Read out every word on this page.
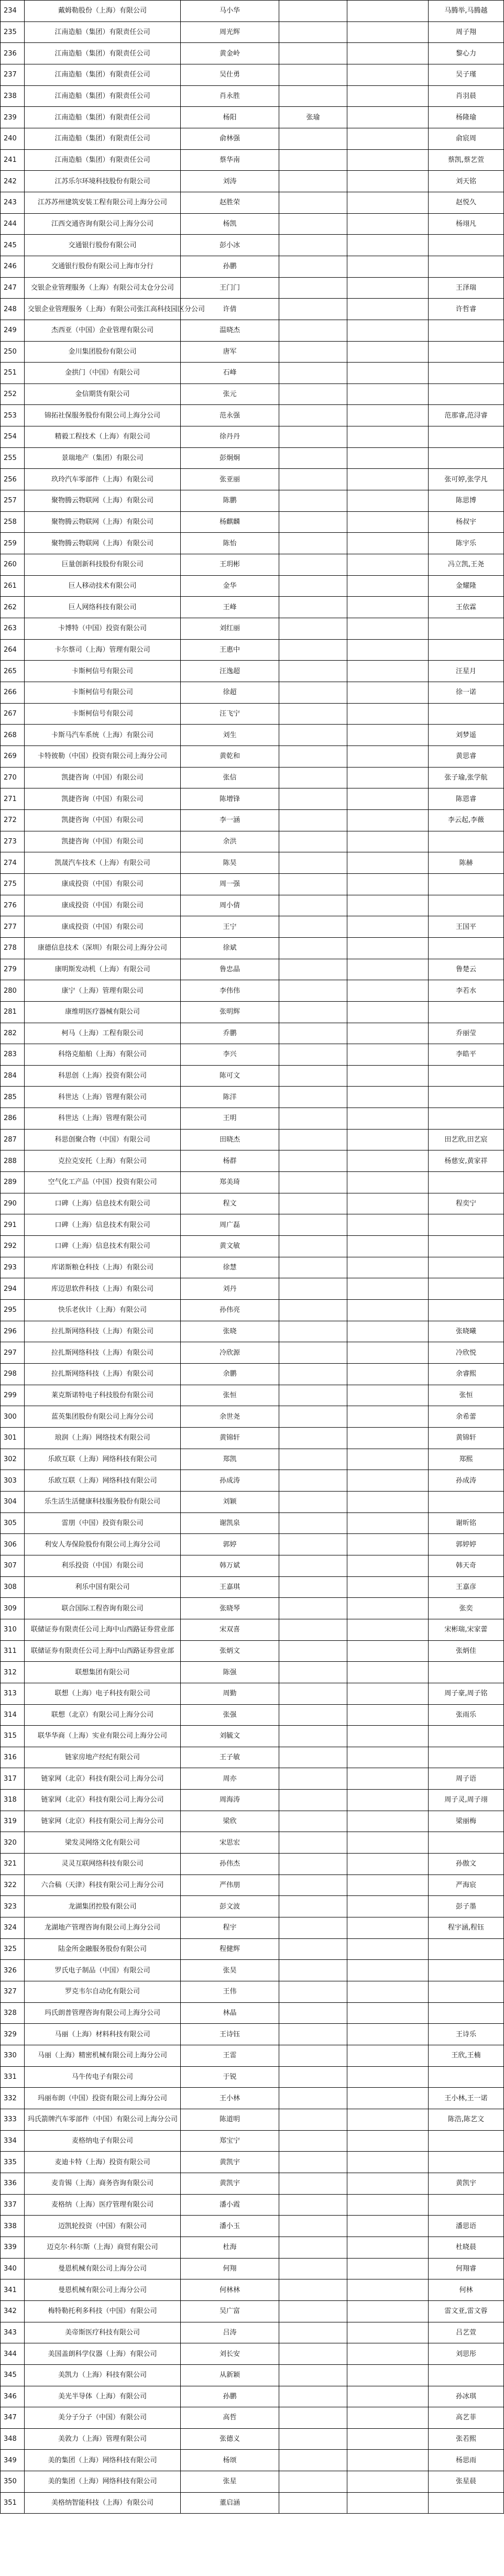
234	戴姆勒股份（上海）有限公司	马小华			马腾举,马腾越
235	江南造船（集团）有限责任公司	周光辉			周子翔
236	江南造船（集团）有限责任公司	黄金岭			黎心力
237	江南造船（集团）有限责任公司	吴仕勇			吴子瑾
238	江南造船（集团）有限责任公司	肖永胜			肖羽晨
239	江南造船（集团）有限责任公司	杨阳	张瑜		杨隆瑜
240	江南造船（集团）有限责任公司	俞林强			俞宸周
241	江南造船（集团）有限责任公司	蔡华南			蔡凯,蔡艺萱
242	江苏乐尔环境科技股份有限公司	刘涛			刘天铭
243	江苏苏州建筑安装工程有限公司上海分公司	赵胜荣			赵悦久
244	江西交通咨询有限公司上海分公司	杨凯			杨翊凡
245	交通银行股份有限公司	彭小冰			
246	交通银行股份有限公司上海市分行	孙鹏			
247	交银企业管理服务（上海）有限公司太仓分公司	王门门			王泽瑞
248	交银企业管理服务（上海）有限公司张江高科技园区分公司	许倩			许哲睿
249	杰西亚（中国）企业管理有限公司	温晓杰			
250	金川集团股份有限公司	唐军			
251	金拱门（中国）有限公司	石峰			
252	金信期货有限公司	张元			
253	锦拓社保服务股份有限公司上海分公司	范永强			范那睿,范浔睿
254	精毅工程技术（上海）有限公司	徐丹丹			
255	景瑞地产（集团）有限公司	彭炯炯			
256	玖玲汽车零部件（上海）有限公司	张亚丽			张可婷,张学凡
257	聚物腾云物联网（上海）有限公司	陈鹏			陈思博
258	聚物腾云物联网（上海）有限公司	杨麒麟			杨叔宇
259	聚物腾云物联网（上海）有限公司	陈怡			陈宇乐
260	巨量创新科技股份有限公司	王玥彬			冯立凯,王尧
261	巨人移动技术有限公司	金华			金耀隆
262	巨人网络科技有限公司	王峰			王依霖
263	卡博特（中国）投资有限公司	刘红丽			
264	卡尔蔡司（上海）管理有限公司	王惠中			
265	卡斯柯信号有限公司	汪逸超			汪星月
266	卡斯柯信号有限公司	徐超			徐一诺
267	卡斯柯信号有限公司	汪飞宁			
268	卡斯马汽车系统（上海）有限公司	刘生			刘梦遥
269	卡特彼勒（中国）投资有限公司上海分公司	黄乾和			黄思睿
270	凯捷咨询（中国）有限公司	张信			张子瑜,张学航
271	凯捷咨询（中国）有限公司	陈增锋			陈恩睿
272	凯捷咨询（中国）有限公司	李一涵			李云起,李薇
273	凯捷咨询（中国）有限公司	余洪			
274	凯晟汽车技术（上海）有限公司	陈昊			陈赫
275	康成投资（中国）有限公司	周一强			
276	康成投资（中国）有限公司	周小倩			
277	康成投资（中国）有限公司	王宁			王国平
278	康德信息技术（深圳）有限公司上海分公司	徐斌			
279	康明斯发动机（上海）有限公司	鲁忠晶			鲁楚云
280	康宁（上海）管理有限公司	李伟伟			李若水
281	康维明医疗器械有限公司	张明辉			
282	柯马（上海）工程有限公司	乔鹏			乔丽莹
283	科络克船舶（上海）有限公司	李兴			李皓平
284	科思创（上海）投资有限公司	陈可文			
285	科世达（上海）管理有限公司	陈洋			
286	科世达（上海）管理有限公司	王明			
287	科思创聚合物（中国）有限公司	田晓杰			田艺欣,田艺宸
288	克拉克安托（上海）有限公司	杨群			杨慈安,黄家祥
289	空气化工产品（中国）投资有限公司	郑美琦			
290	口碑（上海）信息技术有限公司	程文			程奕宁
291	口碑（上海）信息技术有限公司	周广磊			
292	口碑（上海）信息技术有限公司	黄文敏			
293	库诺斯粮仓科技（上海）有限公司	徐慧			
294	库迈思软件科技（上海）有限公司	刘丹			
295	快乐老伙计（上海）有限公司	孙伟亮			
296	拉扎斯网络科技（上海）有限公司	张晓			张晓曦
297	拉扎斯网络科技（上海）有限公司	冷欣源			冷欣悦
298	拉扎斯网络科技（上海）有限公司	余鹏			余睿熙
299	莱克斯诺特电子科技股份有限公司	张恒			张恒
300	蓝英集团股份有限公司上海分公司	余世尧			余希蕾
301	琅润（上海）网络技术有限公司	黄锦轩			黄锦轩
302	乐欧互联（上海）网络科技有限公司	郑凯			郑熙
303	乐欧互联（上海）网络科技有限公司	孙成涛			孙成涛
304	乐生活生活健康科技服务股份有限公司	刘颖			
305	雷朋（中国）投资有限公司	谢凯泉			谢昕铭
306	利安人寿保险股份有限公司上海分公司	郭婷			郭婷婷
307	利乐投资（中国）有限公司	韩万斌			韩天奇
308	利乐中国有限公司	王嘉琪			王嘉彦
309	联合国际工程咨询有限公司	张晓琴			张奕
310	联储证券有限责任公司上海中山西路证券营业部	宋双喜			宋彬瑞,宋家蕾
311	联储证券有限责任公司上海中山西路证券营业部	张炳文			张炳佳
312	联想集团有限公司	陈强			
313	联想（上海）电子科技有限公司	周勤			周子豪,周子铭
314	联想（北京）有限公司上海分公司	张强			张雨乐
315	联华华商（上海）实业有限公司上海分公司	刘毓文			
316	链家房地产经纪有限公司	王子敏			
317	链家网（北京）科技有限公司上海分公司	周亦			周子语
318	链家网（北京）科技有限公司上海分公司	周海涛			周子灵,周子翊
319	链家网（北京）科技有限公司上海分公司	梁欣			梁丽梅
320	梁发灵网络文化有限公司	宋思宏			
321	灵灵互联网络科技有限公司	孙伟杰			孙傲文
322	六合稿（天津）科技有限公司上海分公司	严伟朋			严海宸
323	龙湖集团控股有限公司	彭文波			彭子墨
324	龙湖地产管理咨询有限公司上海分公司	程宇			程宇涵,程钰
325	陆金所金融服务股份有限公司	程健辉			
326	罗氏电子制品（中国）有限公司	张昊			
327	罗克韦尔自动化有限公司	王伟			
328	玛氏朗普管理咨询有限公司上海分公司	林晶			
329	马丽（上海）材料科技有限公司	王诗钰			王诗乐
330	马丽（上海）精密机械有限公司上海分公司	王雷			王欣,王楠
331	马牛传电子有限公司	于锐			
332	玛丽布朗（中国）投资有限公司上海分公司	王小林			王小林,王一诺
333	玛氏箭牌汽车零部件（中国）有限公司上海分公司	陈道明			陈浩,陈艺文
334	麦格纳电子有限公司	郑宝宁			
335	麦迪卡特（上海）投资有限公司	黄凯宇			
336	麦肯锡（上海）商务咨询有限公司	黄凯宇			黄凯宇
337	麦格纳（上海）医疗管理有限公司	潘小霞			
338	迈凯轮投资（中国）有限公司	潘小玉			潘思语
339	迈克尔·科尔斯（上海）商贸有限公司	杜海			杜晓晨
340	曼恩机械有限公司上海分公司	何翔			何翔睿
341	曼恩机械有限公司上海分公司	何林林			何林
342	梅特勒托利多科技（中国）有限公司	吴广富			雷文亚,雷文蓉
343	美帝斯医疗科技有限公司	吕涛			吕艺萱
344	美国盖朗科学仪器（上海）有限公司	刘长安			刘思彤
345	美凯力（上海）科技有限公司	从新颖			
346	美光半导体（上海）有限公司	孙鹏			孙冰琪
347	美分子分子（中国）有限公司	高哲			高艺菲
348	美敦力（上海）管理有限公司	张德义			张若熙
349	美的集团（上海）网络科技有限公司	杨颂			杨思雨
350	美的集团（上海）网络科技有限公司	张星			张星晨
351	美格纳智能科技（上海）有限公司	董启涵			
